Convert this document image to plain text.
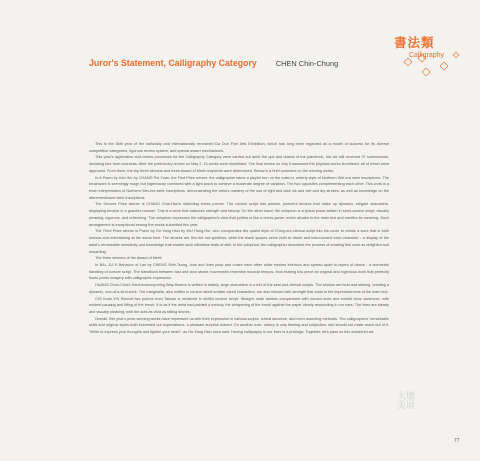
書法類
Calligraphy
Juror's Statement, Calligraphy Category	CHEN Chin-Chung

This is the 36th year of the nationally and internationally renowned Da Dun Fine Arts Exhibition, which has long been regarded as a model of success for its diverse competition categories, rigorous review system, and special award mechanisms.

This year's application and review processes for the Calligraphy Category were carried out amid the ups and downs of the pandemic, but we still received 97 submissions, including four from overseas. After the preliminary review on May 2, 15 works were shortlisted. The final review on July 6 assessed the physical works shortlisted, all of which were approved. From them, the top three winners and three Award of Merit recipients were determined. Below is a brief comment on the winning works:

In A Poem by Han Wo by CHANG Pei-Yuan, the First Prize winner, the calligrapher takes a playful turn on the solemn, orderly style of Northern Wei-era stele inscriptions. The brushwork is seemingly rough but ingeniously combined with a light touch to achieve a moderate degree of variation. The two opposites complementing each other. This work is a fresh interpretation of Northern Wei-era stele inscriptions, demonstrating the artist's mastery of the use of light and dark ink and wet and dry strokes, as well as knowledge on the aforementioned stele inscriptions.

The Second Prize winner is CHANG Chia-Hsin's Watching chess poems. The cursive script has precise, powerful strokes that make up dynamic, elegant characters, displaying tension in a graceful manner. This is a work that balances strength and beauty. On the other hand, the colophon is a lyrical prose written in semi-cursive script, visually pleasing, vigorous, and refreshing. The colophon expresses the calligrapher's view that politics is like a chess game, which alludes to the main text and clarifies its meaning. Such arrangement is exceptional among the works submitted this year.

The Third Prize winner is Poem by Ou Yang Hsiu by WU Hung-Hui, who incorporates the quaint style of Ching-era clerical script into his cover to create a work that is both serious and entertaining at the same time. The strokes are thin but not spiritless, while the blank spaces serve both to divide and interconnect each character - a display of the artist's remarkable sensitivity and knowledge that enable such effortless feats of skill. In the colophon, the calligrapher describes the process of creating this work as delightful and rewarding.

The three winners of the Award of Merit:

In BAI, JU-Yi Behavior of Lan by CHENG Shih-Tsung, dots and lines jump and chase each other while strokes interlock and spread apart in layers of dance - a wonderful handling of cursive script. The transitions between fast and slow stroke movements resemble musical tempos, thus making this piece an original and ingenious work that perfectly fuses poetic imagery with calligraphic expression.

HUANG Chun-Chia's Hard-frowning bring Way-flowers is written in stately, large characters in a mix of the seal and clerical scripts. The strokes are bold and striking, creating a dynamic, one-of-a-kind work. The marginalia, also written in cursive albeit smaller-sized characters, are also infused with strength that adds to the impressiveness of the main text.

CHI Kuan-Yi's Record two poems from Taiwan is rendered in skillful cursive script. Straight, wide strokes complement with curved ones and exhibit clear cadences, with evident pausing and lifting of the brush. It is as if the artist had painted a melody, the whispering of the brush against the paper clearly resounding in our ears. The lines are steady and visually pleasing, with the dots as vivid as falling stones.

Overall, this year's prize-winning works have impressed us with their expression in various scripts, formal structure, and even mounting methods. The calligraphers' remarkable skills and original styles both exceeded our expectations, a pleasant surprise indeed. On another note, victory is only fleeting and subjective; one should not make much out of it. "Write to express your thoughts and lighten your heart", as Ou-Yang Hsiu once said. Having calligraphy in our lives is a privilege. Together, let's pass on this wonderful art.

大墩美展
77
